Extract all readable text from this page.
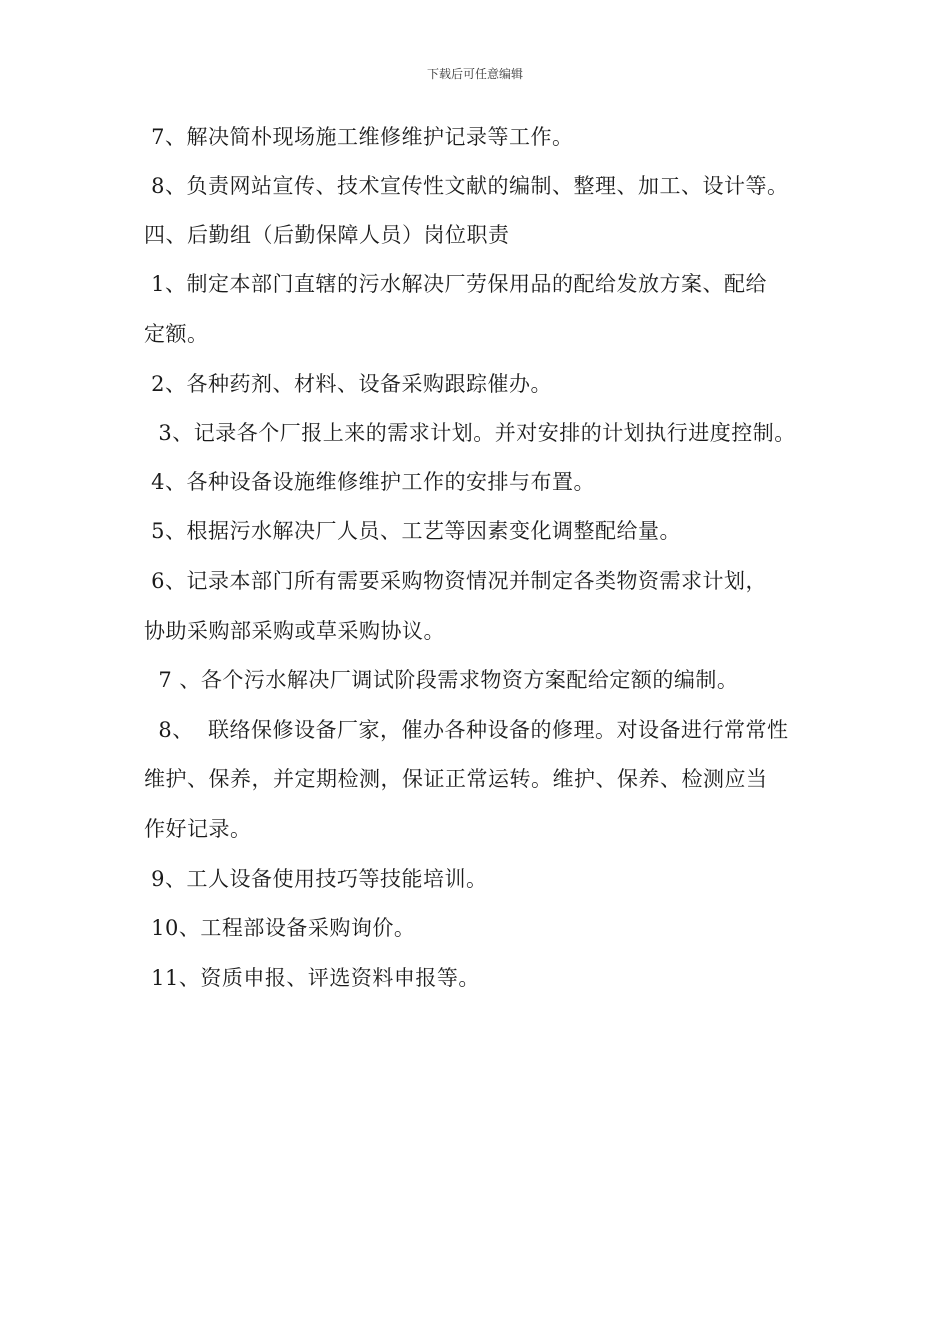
下载后可任意编辑
7、解决简朴现场施工维修维护记录等工作。
8、负责网站宣传、技术宣传性文献的编制、整理、加工、设计等。
四、后勤组（后勤保障人员）岗位职责
1、制定本部门直辖的污水解决厂劳保用品的配给发放方案、配给
定额。
2、各种药剂、材料、设备采购跟踪催办。
3、记录各个厂报上来的需求计划。并对安排的计划执行进度控制。
4、各种设备设施维修维护工作的安排与布置。
5、根据污水解决厂人员、工艺等因素变化调整配给量。
6、记录本部门所有需要采购物资情况并制定各类物资需求计划，
协助采购部采购或草采购协议。
7 、各个污水解决厂调试阶段需求物资方案配给定额的编制。
8、  联络保修设备厂家，催办各种设备的修理。对设备进行常常性
维护、保养，并定期检测，保证正常运转。维护、保养、检测应当
作好记录。
9、工人设备使用技巧等技能培训。
10、工程部设备采购询价。
11、资质申报、评选资料申报等。
